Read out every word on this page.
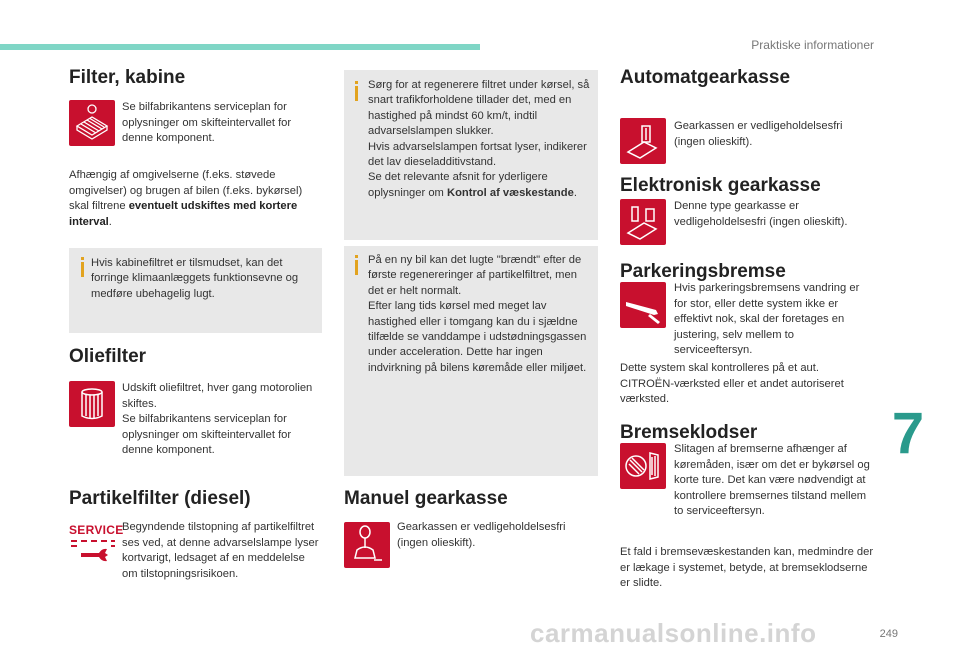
Praktiske informationer
249
7
carmanualsonline.info
Filter, kabine
Se bilfabrikantens serviceplan for oplysninger om skifteintervallet for denne komponent.
Afhængig af omgivelserne (f.eks. støvede omgivelser) og brugen af bilen (f.eks. bykørsel) skal filtrene eventuelt udskiftes med kortere interval.
Hvis kabinefiltret er tilsmudset, kan det forringe klimaanlæggets funktionsevne og medføre ubehagelig lugt.
Oliefilter
Udskift oliefiltret, hver gang motorolien skiftes.
Se bilfabrikantens serviceplan for oplysninger om skifteintervallet for denne komponent.
Partikelfilter (diesel)
SERVICE
Begyndende tilstopning af partikelfiltret ses ved, at denne advarselslampe lyser kortvarigt, ledsaget af en meddelelse om tilstopningsrisikoen.
Sørg for at regenerere filtret under kørsel, så snart trafikforholdene tillader det, med en hastighed på mindst 60 km/t, indtil advarselslampen slukker.
Hvis advarselslampen fortsat lyser, indikerer det lav dieseladditivstand.
Se det relevante afsnit for yderligere oplysninger om Kontrol af væskestande.
På en ny bil kan det lugte "brændt" efter de første regenereringer af partikelfiltret, men det er helt normalt.
Efter lang tids kørsel med meget lav hastighed eller i tomgang kan du i sjældne tilfælde se vanddampe i udstødningsgassen under acceleration. Dette har ingen indvirkning på bilens køremåde eller miljøet.
Manuel gearkasse
Gearkassen er vedligeholdelsesfri (ingen olieskift).
Automatgearkasse
Gearkassen er vedligeholdelsesfri (ingen olieskift).
Elektronisk gearkasse
Denne type gearkasse er vedligeholdelsesfri (ingen olieskift).
Parkeringsbremse
Hvis parkeringsbremsens vandring er for stor, eller dette system ikke er effektivt nok, skal der foretages en justering, selv mellem to serviceeftersyn.
Dette system skal kontrolleres på et aut. CITROËN-værksted eller et andet autoriseret værksted.
Bremseklodser
Slitagen af bremserne afhænger af køremåden, især om det er bykørsel og korte ture. Det kan være nødvendigt at kontrollere bremsernes tilstand mellem to serviceeftersyn.
Et fald i bremsevæskestanden kan, medmindre der er lækage i systemet, betyde, at bremseklodserne er slidte.
